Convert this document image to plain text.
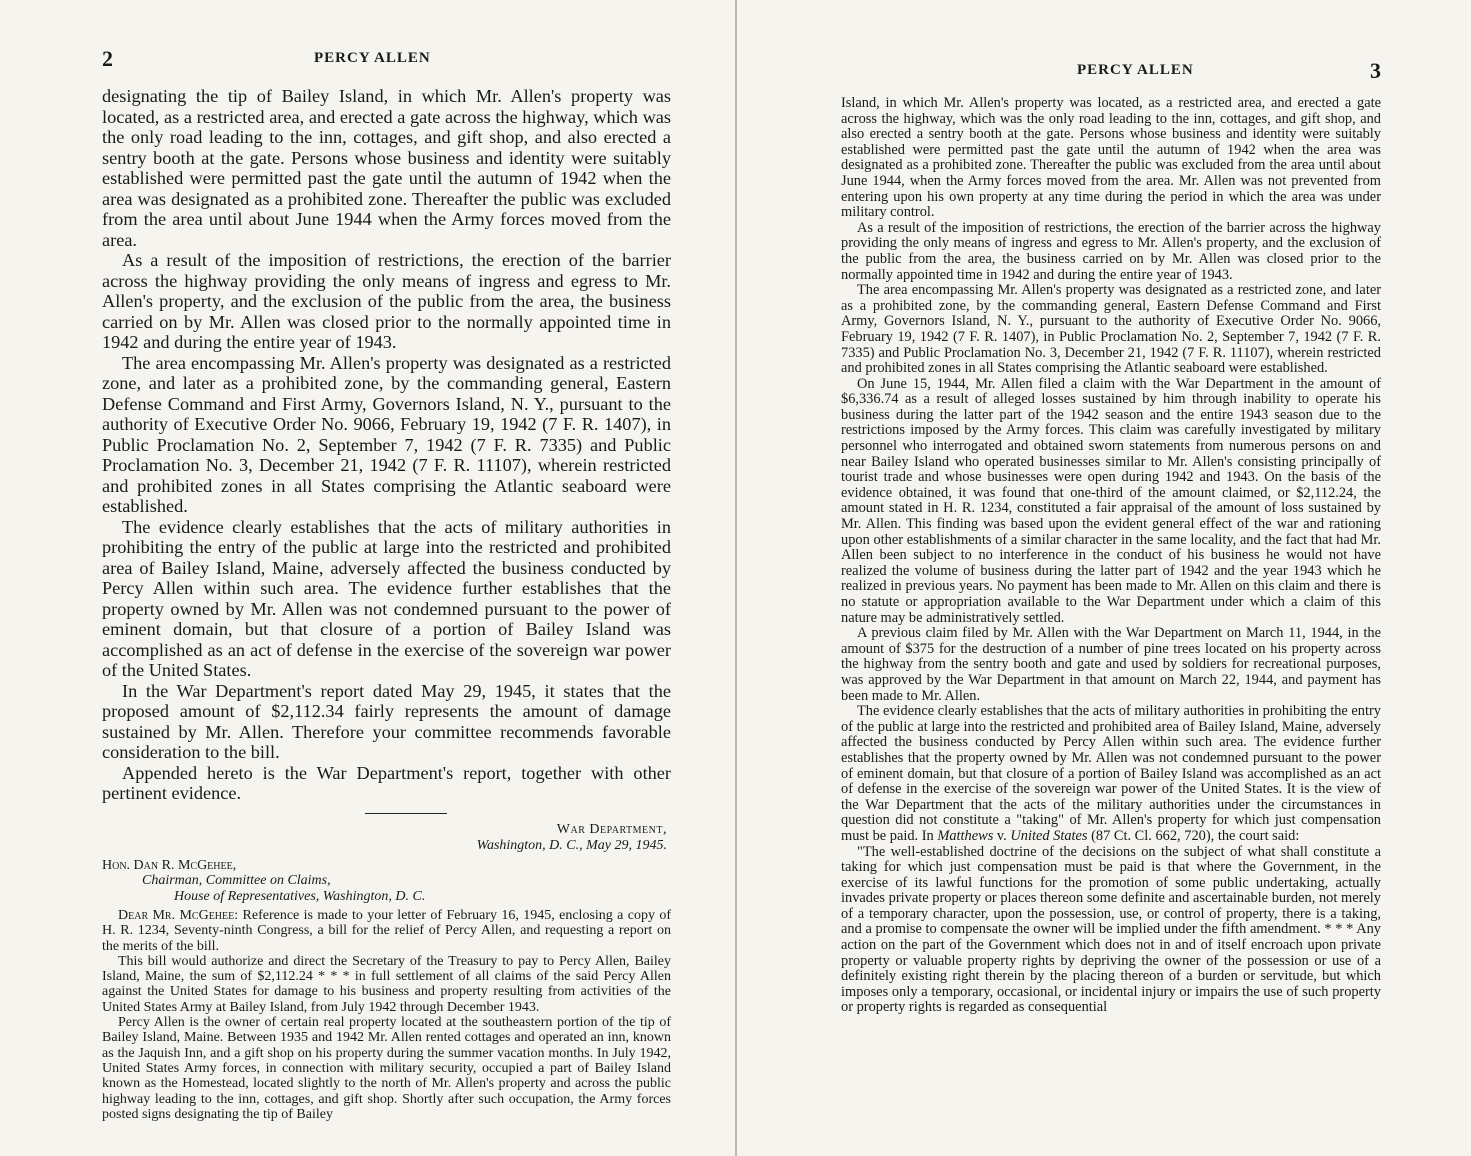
2	PERCY ALLEN

designating the tip of Bailey Island, in which Mr. Allen's property was located, as a restricted area, and erected a gate across the highway, which was the only road leading to the inn, cottages, and gift shop, and also erected a sentry booth at the gate. Persons whose business and identity were suitably established were permitted past the gate until the autumn of 1942 when the area was designated as a prohibited zone. Thereafter the public was excluded from the area until about June 1944 when the Army forces moved from the area.

As a result of the imposition of restrictions, the erection of the barrier across the highway providing the only means of ingress and egress to Mr. Allen's property, and the exclusion of the public from the area, the business carried on by Mr. Allen was closed prior to the normally appointed time in 1942 and during the entire year of 1943.

The area encompassing Mr. Allen's property was designated as a restricted zone, and later as a prohibited zone, by the commanding general, Eastern Defense Command and First Army, Governors Island, N. Y., pursuant to the authority of Executive Order No. 9066, February 19, 1942 (7 F. R. 1407), in Public Proclamation No. 2, September 7, 1942 (7 F. R. 7335) and Public Proclamation No. 3, December 21, 1942 (7 F. R. 11107), wherein restricted and prohibited zones in all States comprising the Atlantic seaboard were established.

The evidence clearly establishes that the acts of military authorities in prohibiting the entry of the public at large into the restricted and prohibited area of Bailey Island, Maine, adversely affected the business conducted by Percy Allen within such area. The evidence further establishes that the property owned by Mr. Allen was not condemned pursuant to the power of eminent domain, but that closure of a portion of Bailey Island was accomplished as an act of defense in the exercise of the sovereign war power of the United States.

In the War Department's report dated May 29, 1945, it states that the proposed amount of $2,112.34 fairly represents the amount of damage sustained by Mr. Allen. Therefore your committee recommends favorable consideration to the bill.

Appended hereto is the War Department's report, together with other pertinent evidence.

War Department,
Washington, D. C., May 29, 1945.
Hon. Dan R. McGehee,
Chairman, Committee on Claims,
House of Representatives, Washington, D. C.

Dear Mr. McGehee: Reference is made to your letter of February 16, 1945, enclosing a copy of H. R. 1234, Seventy-ninth Congress, a bill for the relief of Percy Allen, and requesting a report on the merits of the bill.

This bill would authorize and direct the Secretary of the Treasury to pay to Percy Allen, Bailey Island, Maine, the sum of $2,112.24 * * * in full settlement of all claims of the said Percy Allen against the United States for damage to his business and property resulting from activities of the United States Army at Bailey Island, from July 1942 through December 1943.

Percy Allen is the owner of certain real property located at the southeastern portion of the tip of Bailey Island, Maine. Between 1935 and 1942 Mr. Allen rented cottages and operated an inn, known as the Jaquish Inn, and a gift shop on his property during the summer vacation months. In July 1942, United States Army forces, in connection with military security, occupied a part of Bailey Island known as the Homestead, located slightly to the north of Mr. Allen's property and across the public highway leading to the inn, cottages, and gift shop. Shortly after such occupation, the Army forces posted signs designating the tip of Bailey

PERCY ALLEN	3

Island, in which Mr. Allen's property was located, as a restricted area, and erected a gate across the highway, which was the only road leading to the inn, cottages, and gift shop, and also erected a sentry booth at the gate. Persons whose business and identity were suitably established were permitted past the gate until the autumn of 1942 when the area was designated as a prohibited zone. Thereafter the public was excluded from the area until about June 1944, when the Army forces moved from the area. Mr. Allen was not prevented from entering upon his own property at any time during the period in which the area was under military control.

As a result of the imposition of restrictions, the erection of the barrier across the highway providing the only means of ingress and egress to Mr. Allen's property, and the exclusion of the public from the area, the business carried on by Mr. Allen was closed prior to the normally appointed time in 1942 and during the entire year of 1943.

The area encompassing Mr. Allen's property was designated as a restricted zone, and later as a prohibited zone, by the commanding general, Eastern Defense Command and First Army, Governors Island, N. Y., pursuant to the authority of Executive Order No. 9066, February 19, 1942 (7 F. R. 1407), in Public Proclamation No. 2, September 7, 1942 (7 F. R. 7335) and Public Proclamation No. 3, December 21, 1942 (7 F. R. 11107), wherein restricted and prohibited zones in all States comprising the Atlantic seaboard were established.

On June 15, 1944, Mr. Allen filed a claim with the War Department in the amount of $6,336.74 as a result of alleged losses sustained by him through inability to operate his business during the latter part of the 1942 season and the entire 1943 season due to the restrictions imposed by the Army forces. This claim was carefully investigated by military personnel who interrogated and obtained sworn statements from numerous persons on and near Bailey Island who operated businesses similar to Mr. Allen's consisting principally of tourist trade and whose businesses were open during 1942 and 1943. On the basis of the evidence obtained, it was found that one-third of the amount claimed, or $2,112.24, the amount stated in H. R. 1234, constituted a fair appraisal of the amount of loss sustained by Mr. Allen. This finding was based upon the evident general effect of the war and rationing upon other establishments of a similar character in the same locality, and the fact that had Mr. Allen been subject to no interference in the conduct of his business he would not have realized the volume of business during the latter part of 1942 and the year 1943 which he realized in previous years. No payment has been made to Mr. Allen on this claim and there is no statute or appropriation available to the War Department under which a claim of this nature may be administratively settled.

A previous claim filed by Mr. Allen with the War Department on March 11, 1944, in the amount of $375 for the destruction of a number of pine trees located on his property across the highway from the sentry booth and gate and used by soldiers for recreational purposes, was approved by the War Department in that amount on March 22, 1944, and payment has been made to Mr. Allen.

The evidence clearly establishes that the acts of military authorities in prohibiting the entry of the public at large into the restricted and prohibited area of Bailey Island, Maine, adversely affected the business conducted by Percy Allen within such area. The evidence further establishes that the property owned by Mr. Allen was not condemned pursuant to the power of eminent domain, but that closure of a portion of Bailey Island was accomplished as an act of defense in the exercise of the sovereign war power of the United States. It is the view of the War Department that the acts of the military authorities under the circumstances in question did not constitute a "taking" of Mr. Allen's property for which just compensation must be paid. In Matthews v. United States (87 Ct. Cl. 662, 720), the court said:

"The well-established doctrine of the decisions on the subject of what shall constitute a taking for which just compensation must be paid is that where the Government, in the exercise of its lawful functions for the promotion of some public undertaking, actually invades private property or places thereon some definite and ascertainable burden, not merely of a temporary character, upon the possession, use, or control of property, there is a taking, and a promise to compensate the owner will be implied under the fifth amendment. * * * Any action on the part of the Government which does not in and of itself encroach upon private property or valuable property rights by depriving the owner of the possession or use of a definitely existing right therein by the placing thereon of a burden or servitude, but which imposes only a temporary, occasional, or incidental injury or impairs the use of such property or property rights is regarded as consequential
